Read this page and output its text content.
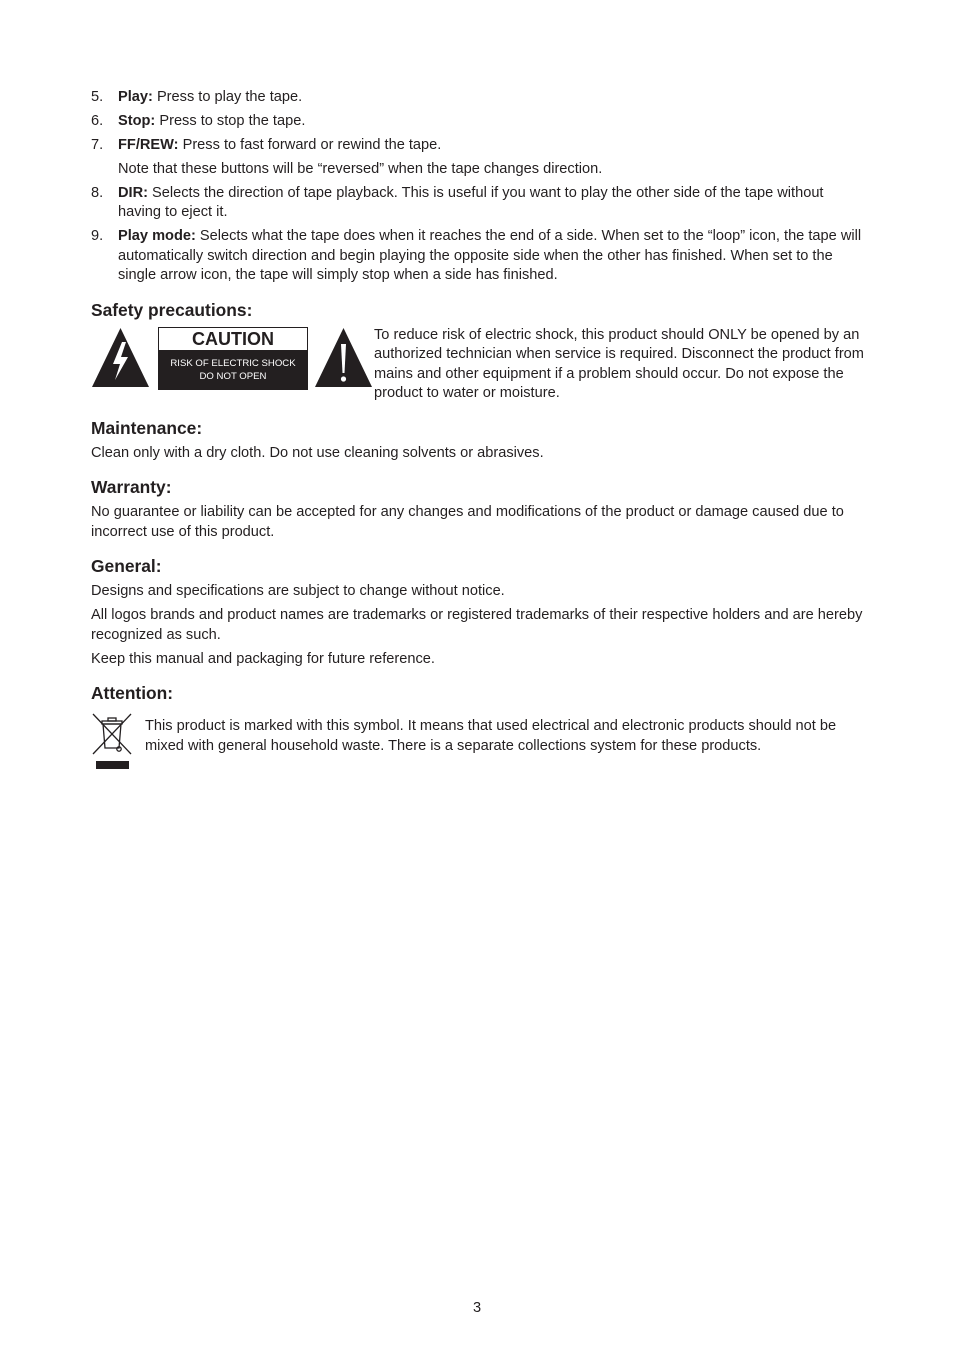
5. Play: Press to play the tape.
6. Stop: Press to stop the tape.
7. FF/REW: Press to fast forward or rewind the tape.
Note that these buttons will be “reversed” when the tape changes direction.
8. DIR: Selects the direction of tape playback. This is useful if you want to play the other side of the tape without having to eject it.
9. Play mode: Selects what the tape does when it reaches the end of a side. When set to the “loop” icon, the tape will automatically switch direction and begin playing the opposite side when the other has finished. When set to the single arrow icon, the tape will simply stop when a side has finished.
Safety precautions:
CAUTION
RISK OF ELECTRIC SHOCK
DO NOT OPEN
To reduce risk of electric shock, this product should ONLY be opened by an authorized technician when service is required. Disconnect the product from mains and other equipment if a problem should occur. Do not expose the product to water or moisture.
Maintenance:

Clean only with a dry cloth. Do not use cleaning solvents or abrasives.

Warranty:

No guarantee or liability can be accepted for any changes and modifications of the product or damage caused due to incorrect use of this product.

General:

Designs and specifications are subject to change without notice.

All logos brands and product names are trademarks or registered trademarks of their respective holders and are hereby recognized as such.

Keep this manual and packaging for future reference.

Attention:
This product is marked with this symbol. It means that used electrical and electronic products should not be mixed with general household waste. There is a separate collections system for these products.
3
